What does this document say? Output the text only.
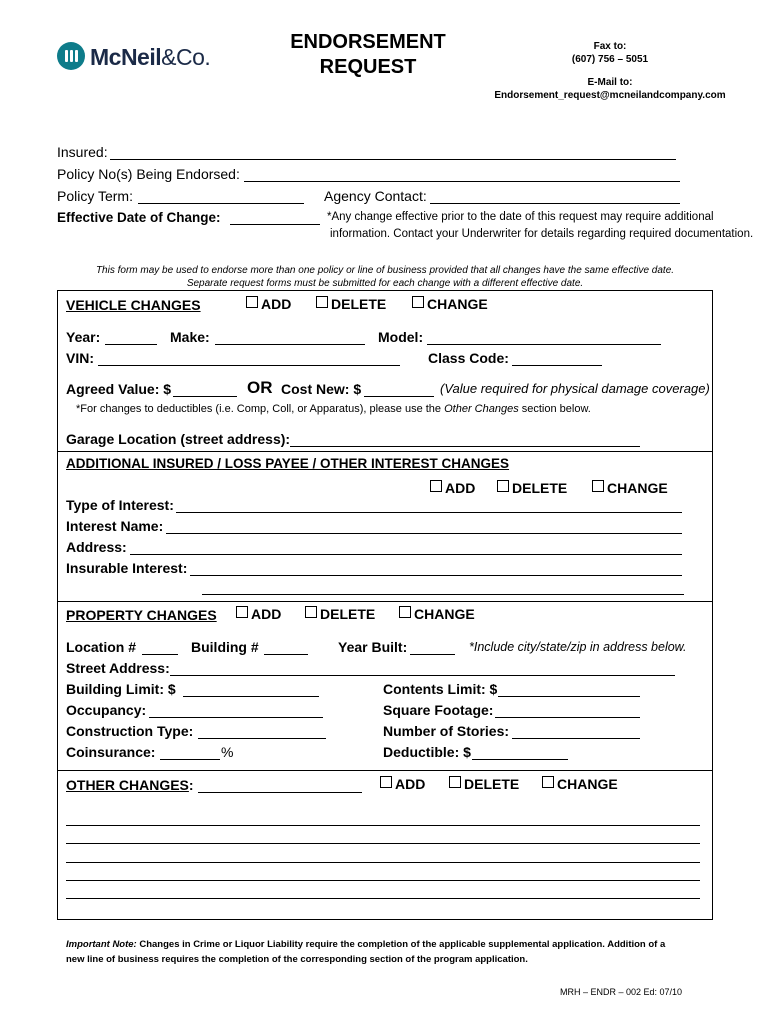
McNeil&Co.
ENDORSEMENT
REQUEST
Fax to:
(607) 756 – 5051
E-Mail to:
Endorsement_request@mcneilandcompany.com
Insured:
Policy No(s) Being Endorsed:
Policy Term:	Agency Contact:
Effective Date of Change:	*Any change effective prior to the date of this request may require additional
information. Contact your Underwriter for details regarding required documentation.
This form may be used to endorse more than one policy or line of business provided that all changes have the same effective date.
Separate request forms must be submitted for each change with a different effective date.
VEHICLE CHANGES	ADD	DELETE	CHANGE
Year:	Make:	Model:
VIN:	Class Code:
Agreed Value: $	OR Cost New: $	(Value required for physical damage coverage)
*For changes to deductibles (i.e. Comp, Coll, or Apparatus), please use the Other Changes section below.
Garage Location (street address):
ADDITIONAL INSURED / LOSS PAYEE / OTHER INTEREST CHANGES
ADD	DELETE	CHANGE
Type of Interest:
Interest Name:
Address:
Insurable Interest:
PROPERTY CHANGES	ADD	DELETE	CHANGE
Location #	Building #	Year Built:	*Include city/state/zip in address below.
Street Address:
Building Limit: $	Contents Limit: $
Occupancy:	Square Footage:
Construction Type:	Number of Stories:
Coinsurance:	%	Deductible: $
OTHER CHANGES:	ADD	DELETE	CHANGE
Important Note: Changes in Crime or Liquor Liability require the completion of the applicable supplemental application. Addition of a
new line of business requires the completion of the corresponding section of the program application.
MRH – ENDR – 002 Ed: 07/10
